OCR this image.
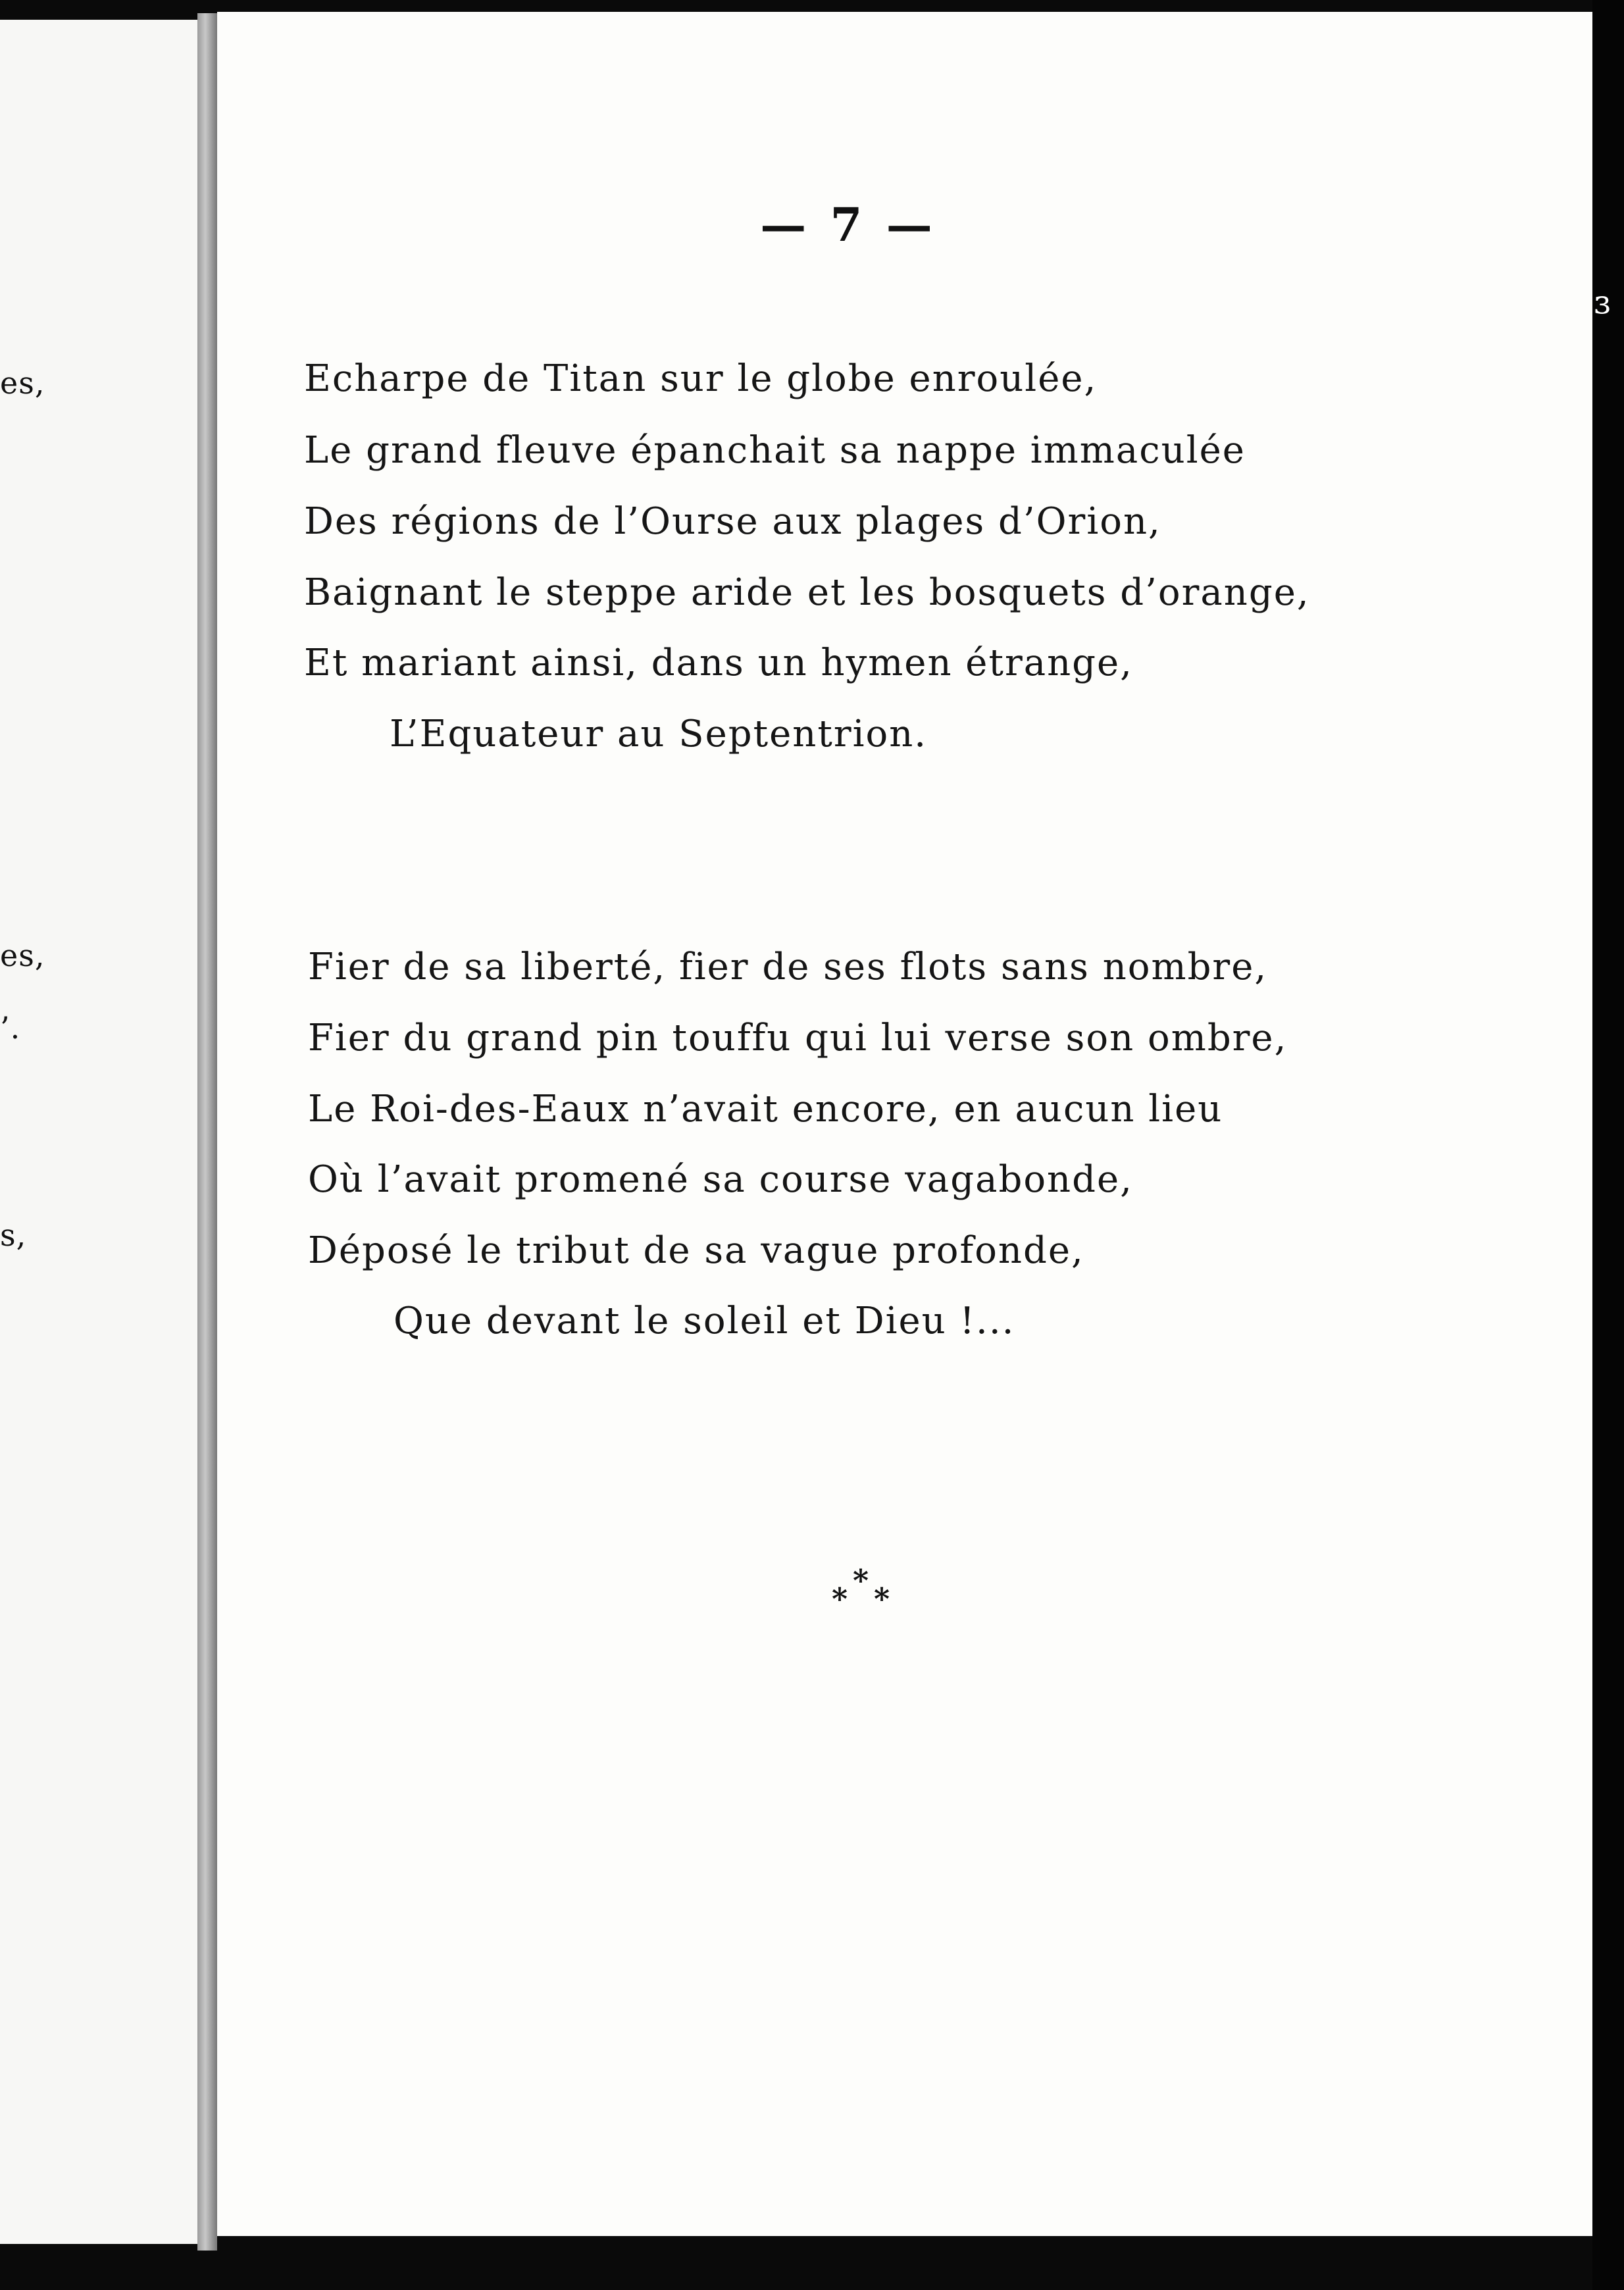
es,
es,
’.
s,
ɜ
— 7 —
Echarpe de Titan sur le globe enroulée,
Le grand fleuve épanchait sa nappe immaculée
Des régions de l’Ourse aux plages d’Orion,
Baignant le steppe aride et les bosquets d’orange,
Et mariant ainsi, dans un hymen étrange,
L’Equateur au Septentrion.
Fier de sa liberté, fier de ses flots sans nombre,
Fier du grand pin touffu qui lui verse son ombre,
Le Roi-des-Eaux n’avait encore, en aucun lieu
Où l’avait promené sa course vagabonde,
Déposé le tribut de sa vague profonde,
Que devant le soleil et Dieu !...
*
* *
